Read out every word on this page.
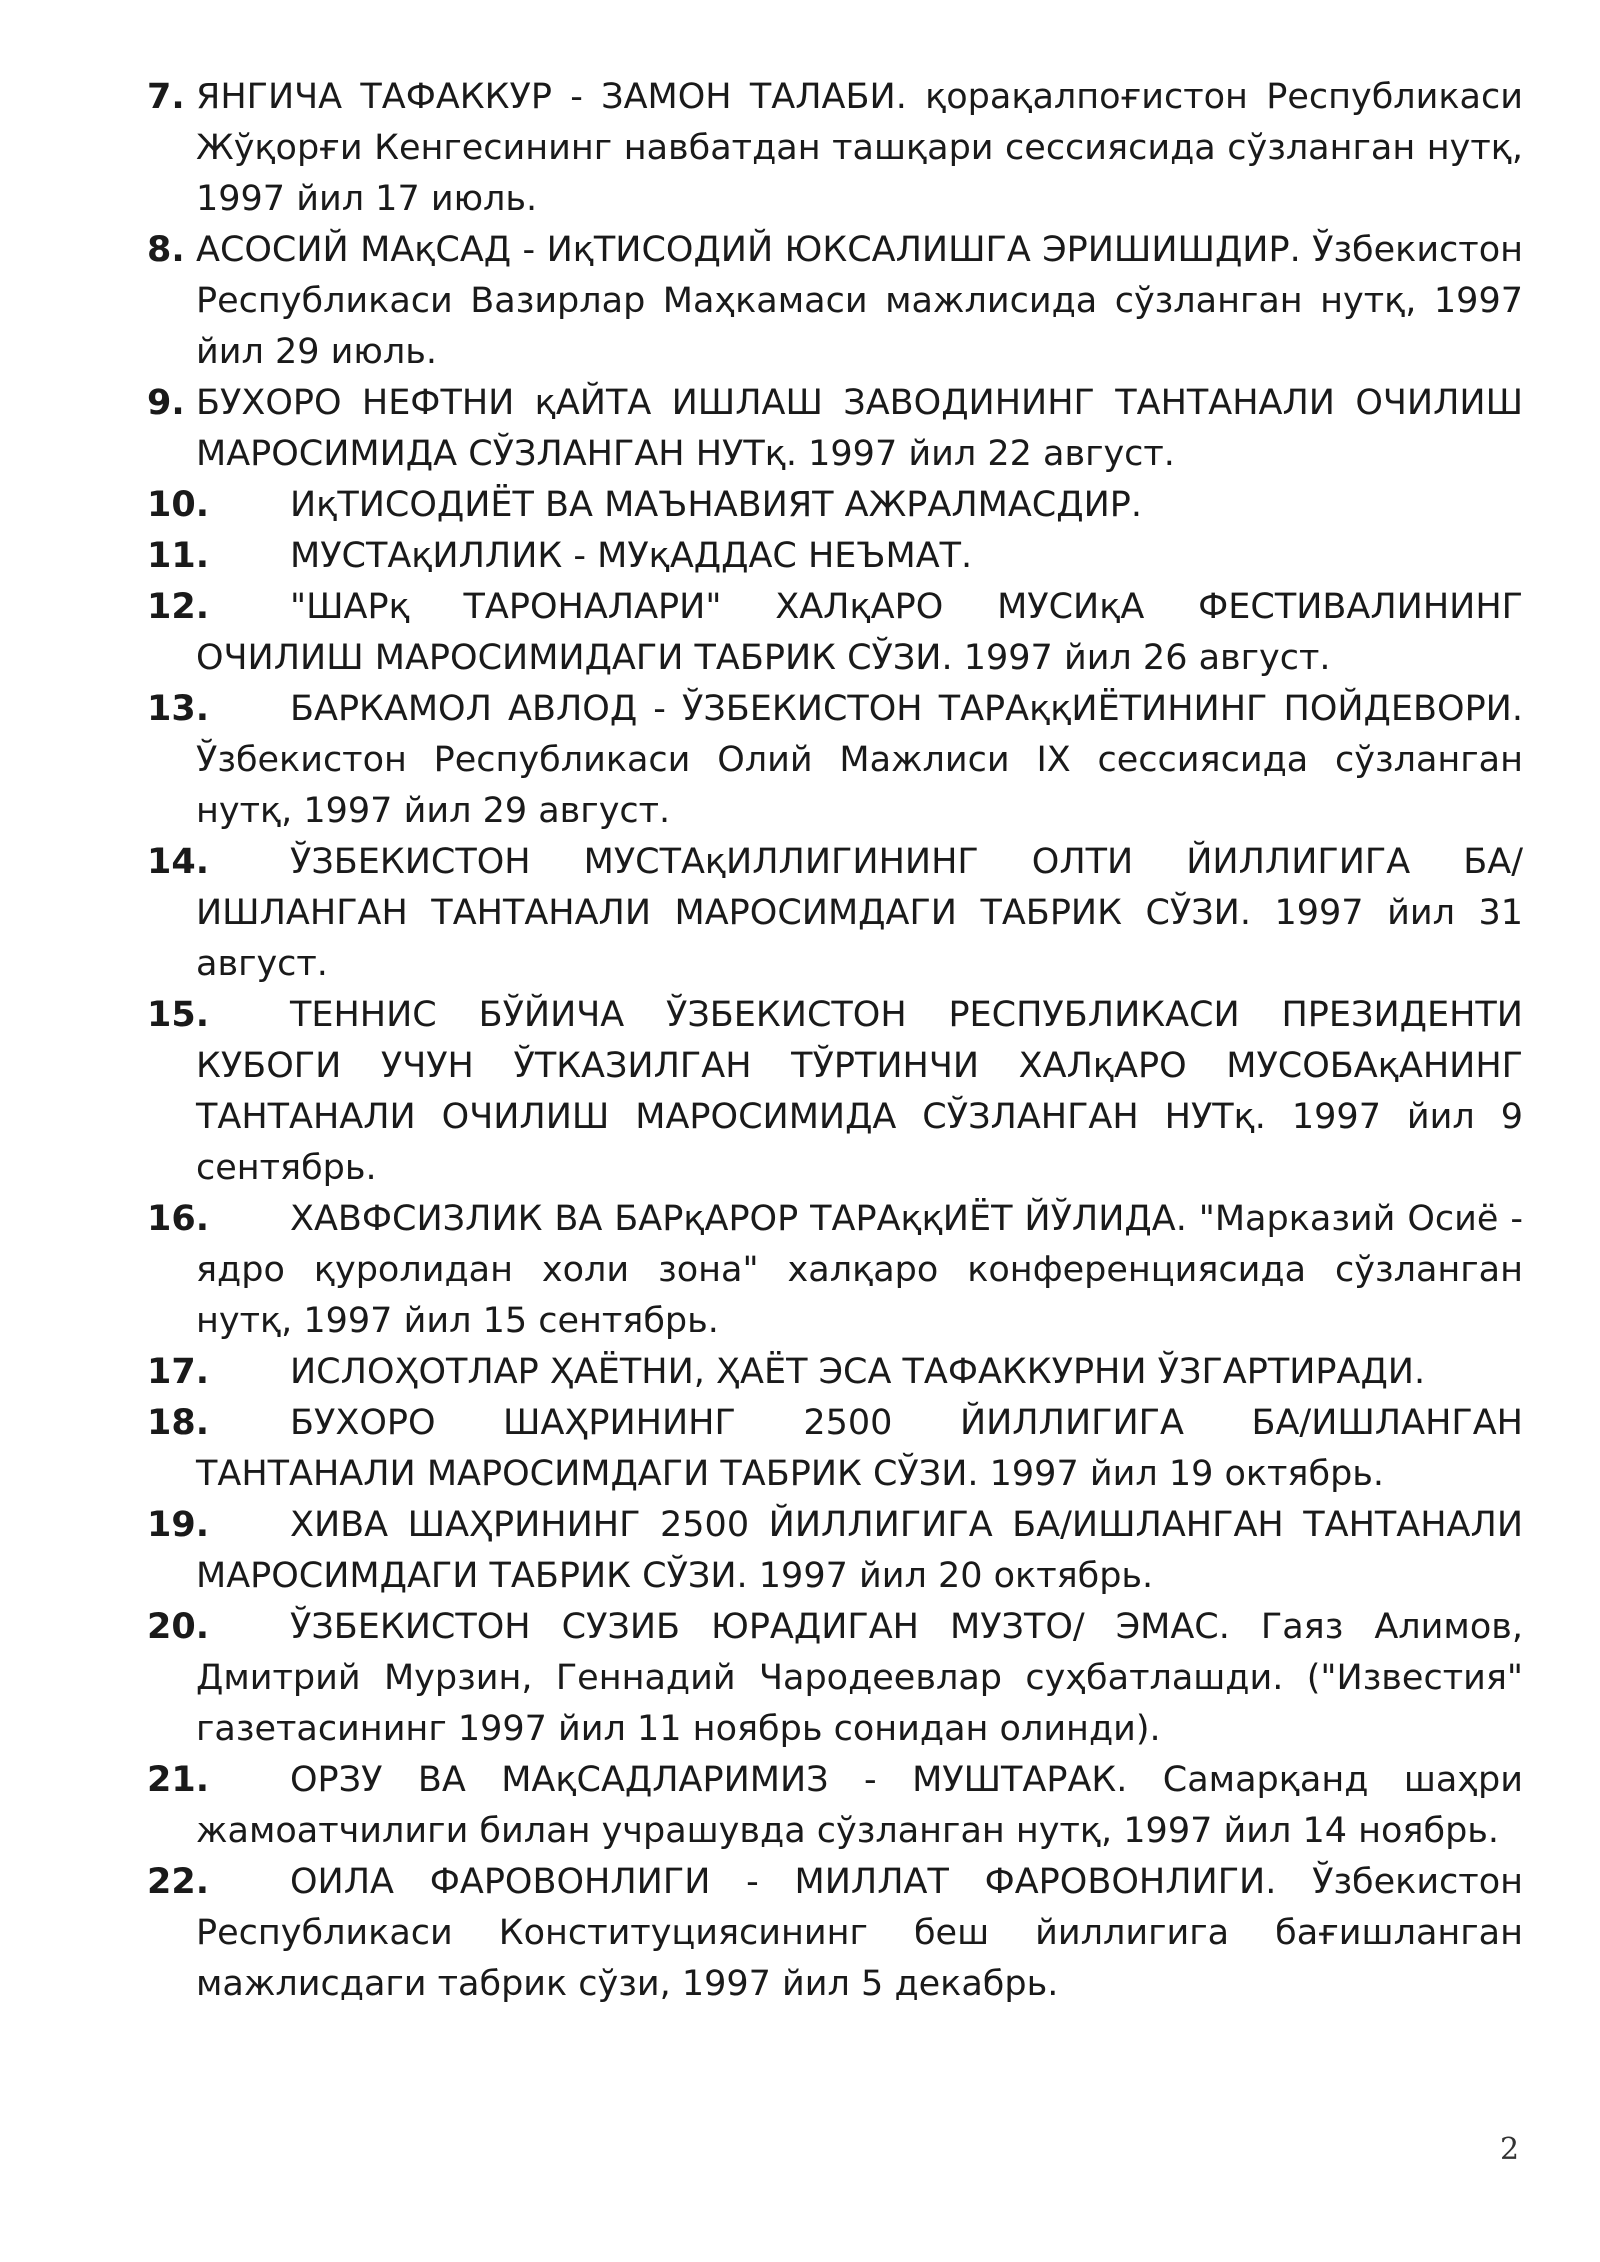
7. ЯНГИЧА ТАФАККУР - ЗАМОН ТАЛАБИ. қорақалпоғистон Республикаси Жўқорғи Кенгесининг навбатдан ташқари сессиясида сўзланган нутқ, 1997 йил 17 июль.
8. АСОСИЙ МАқСАД - ИқТИСОДИЙ ЮКСАЛИШГА ЭРИШИШДИР. Ўзбекистон Республикаси Вазирлар Маҳкамаси мажлисида сўзланган нутқ, 1997 йил 29 июль.
9. БУХОРО НЕФТНИ қАЙТА ИШЛАШ ЗАВОДИНИНГ ТАНТАНАЛИ ОЧИЛИШ МАРОСИМИДА СЎЗЛАНГАН НУТқ. 1997 йил 22 август.
10. ИқТИСОДИЁТ ВА МАЪНАВИЯТ АЖРАЛМАСДИР.
11. МУСТАқИЛЛИК - МУқАДДАС НЕЪМАТ.
12. "ШАРқ ТАРОНАЛАРИ" ХАЛқАРО МУСИқА ФЕСТИВАЛИНИНГ ОЧИЛИШ МАРОСИМИДАГИ ТАБРИК СЎЗИ. 1997 йил 26 август.
13. БАРКАМОЛ АВЛОД - ЎЗБЕКИСТОН ТАРАққИЁТИНИНГ ПОЙДЕВОРИ. Ўзбекистон Республикаси Олий Мажлиси IX сессиясида сўзланган нутқ, 1997 йил 29 август.
14. ЎЗБЕКИСТОН МУСТАқИЛЛИГИНИНГ ОЛТИ ЙИЛЛИГИГА БА/ИШЛАНГАН ТАНТАНАЛИ МАРОСИМДАГИ ТАБРИК СЎЗИ. 1997 йил 31 август.
15. ТЕННИС БЎЙИЧА ЎЗБЕКИСТОН РЕСПУБЛИКАСИ ПРЕЗИДЕНТИ КУБОГИ УЧУН ЎТКАЗИЛГАН ТЎРТИНЧИ ХАЛқАРО МУСОБАқАНИНГ ТАНТАНАЛИ ОЧИЛИШ МАРОСИМИДА СЎЗЛАНГАН НУТқ. 1997 йил 9 сентябрь.
16. ХАВФСИЗЛИК ВА БАРқАРОР ТАРАққИЁТ ЙЎЛИДА. "Марказий Осиё - ядро қуролидан холи зона" халқаро конференциясида сўзланган нутқ, 1997 йил 15 сентябрь.
17. ИСЛОҲОТЛАР ҲАЁТНИ, ҲАЁТ ЭСА ТАФАККУРНИ ЎЗГАРТИРАДИ.
18. БУХОРО ШАҲРИНИНГ 2500 ЙИЛЛИГИГА БА/ИШЛАНГАН ТАНТАНАЛИ МАРОСИМДАГИ ТАБРИК СЎЗИ. 1997 йил 19 октябрь.
19. ХИВА ШАҲРИНИНГ 2500 ЙИЛЛИГИГА БА/ИШЛАНГАН ТАНТАНАЛИ МАРОСИМДАГИ ТАБРИК СЎЗИ. 1997 йил 20 октябрь.
20. ЎЗБЕКИСТОН СУЗИБ ЮРАДИГАН МУЗТО/ ЭМАС. Гаяз Алимов, Дмитрий Мурзин, Геннадий Чародеевлар суҳбатлашди. ("Известия" газетасининг 1997 йил 11 ноябрь сонидан олинди).
21. ОРЗУ ВА МАқСАДЛАРИМИЗ - МУШТАРАК. Самарқанд шаҳри жамоатчилиги билан учрашувда сўзланган нутқ, 1997 йил 14 ноябрь.
22. ОИЛА ФАРОВОНЛИГИ - МИЛЛАТ ФАРОВОНЛИГИ. Ўзбекистон Республикаси Конституциясининг беш йиллигига бағишланган мажлисдаги табрик сўзи, 1997 йил 5 декабрь.
2
